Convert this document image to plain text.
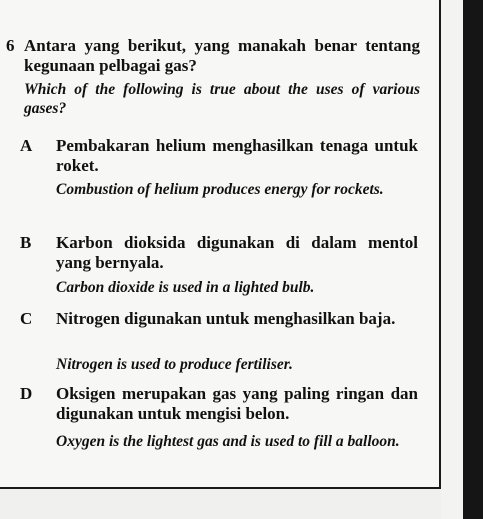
6 Antara yang berikut, yang manakah benar tentang kegunaan pelbagai gas?
Which of the following is true about the uses of various gases?
A Pembakaran helium menghasilkan tenaga untuk roket.
Combustion of helium produces energy for rockets.
B Karbon dioksida digunakan di dalam mentol yang bernyala.
Carbon dioxide is used in a lighted bulb.
C Nitrogen digunakan untuk menghasilkan baja.
Nitrogen is used to produce fertiliser.
D Oksigen merupakan gas yang paling ringan dan digunakan untuk mengisi belon.
Oxygen is the lightest gas and is used to fill a balloon.
